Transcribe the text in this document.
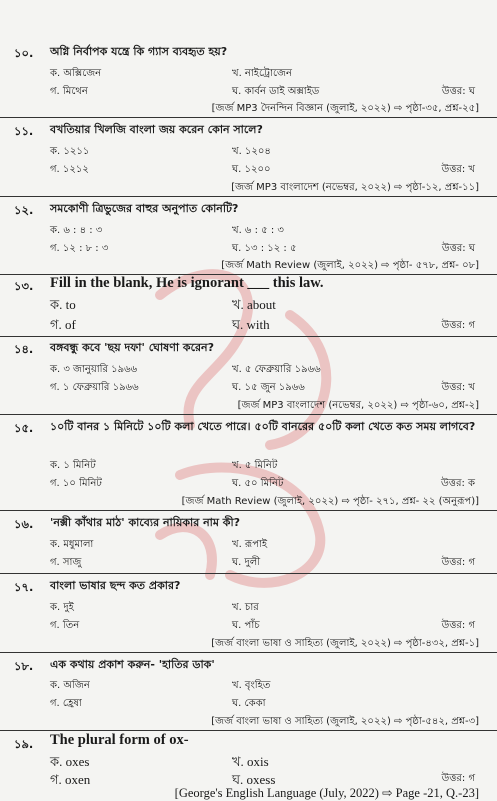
১০. অগ্নি নির্বাপক যন্ত্রে কি গ্যাস ব্যবহৃত হয়?
ক. অক্সিজেন	খ. নাইট্রোজেন
গ. মিথেন	ঘ. কার্বন ডাই অক্সাইড	উত্তর: ঘ
[জর্জ MP3 দৈনন্দিন বিজ্ঞান (জুলাই, ২০২২) ⇨ পৃষ্ঠা-৩৫, প্রশ্ন-২৫]
১১. বখতিয়ার খিলজি বাংলা জয় করেন কোন সালে?
ক. ১২১১	খ. ১২০৪
গ. ১২১২	ঘ. ১২০০	উত্তর: খ
[জর্জ MP3 বাংলাদেশ (নভেম্বর, ২০২২) ⇨ পৃষ্ঠা-১২, প্রশ্ন-১১]
১২. সমকোণী ত্রিভুজের বাহুর অনুপাত কোনটি?
ক. ৬ : ৪ : ৩	খ. ৬ : ৫ : ৩
গ. ১২ : ৮ : ৩	ঘ. ১৩ : ১২ : ৫	উত্তর: ঘ
[জর্জ Math Review (জুলাই, ২০২২) ⇨ পৃষ্ঠা- ৫৭৮, প্রশ্ন- ০৮]
১৩. Fill in the blank, He is ignorant ___ this law.
ক. to	খ. about
গ. of	ঘ. with	উত্তর: গ
১৪. বঙ্গবন্ধু কবে 'ছয় দফা' ঘোষণা করেন?
ক. ৩ জানুয়ারি ১৯৬৬	খ. ৫ ফেব্রুয়ারি ১৯৬৬
গ. ১ ফেব্রুয়ারি ১৯৬৬	ঘ. ১৫ জুন ১৯৬৬	উত্তর: খ
[জর্জ MP3 বাংলাদেশ (নভেম্বর, ২০২২) ⇨ পৃষ্ঠা-৬০, প্রশ্ন-২]
১৫. ১০টি বানর ১ মিনিটে ১০টি কলা খেতে পারে। ৫০টি বানরের ৫০টি কলা খেতে কত সময় লাগবে?
ক. ১ মিনিট	খ. ৫ মিনিট
গ. ১০ মিনিট	ঘ. ৫০ মিনিট	উত্তর: ক
[জর্জ Math Review (জুলাই, ২০২২) ⇨ পৃষ্ঠা- ২৭১, প্রশ্ন- ২২ (অনুরূপ)]
১৬. 'নক্সী কাঁথার মাঠ' কাব্যের নায়িকার নাম কী?
ক. মধুমালা	খ. রূপাই
গ. সাজু	ঘ. দুলী	উত্তর: গ
১৭. বাংলা ভাষার ছন্দ কত প্রকার?
ক. দুই	খ. চার
গ. তিন	ঘ. পাঁচ	উত্তর: গ
[জর্জ বাংলা ভাষা ও সাহিত্য (জুলাই, ২০২২) ⇨ পৃষ্ঠা-৪৩২, প্রশ্ন-১]
১৮. এক কথায় প্রকাশ করুন- 'হাতির ডাক'
ক. অজিন	খ. বৃংহিত
গ. হ্রেষা	ঘ. কেকা
[জর্জ বাংলা ভাষা ও সাহিত্য (জুলাই, ২০২২) ⇨ পৃষ্ঠা-৫৪২, প্রশ্ন-৩]
১৯. The plural form of ox-
ক. oxes	খ. oxis
গ. oxen	ঘ. oxess	উত্তর: গ
[George's English Language (July, 2022) ⇨ Page -21, Q.-23]
